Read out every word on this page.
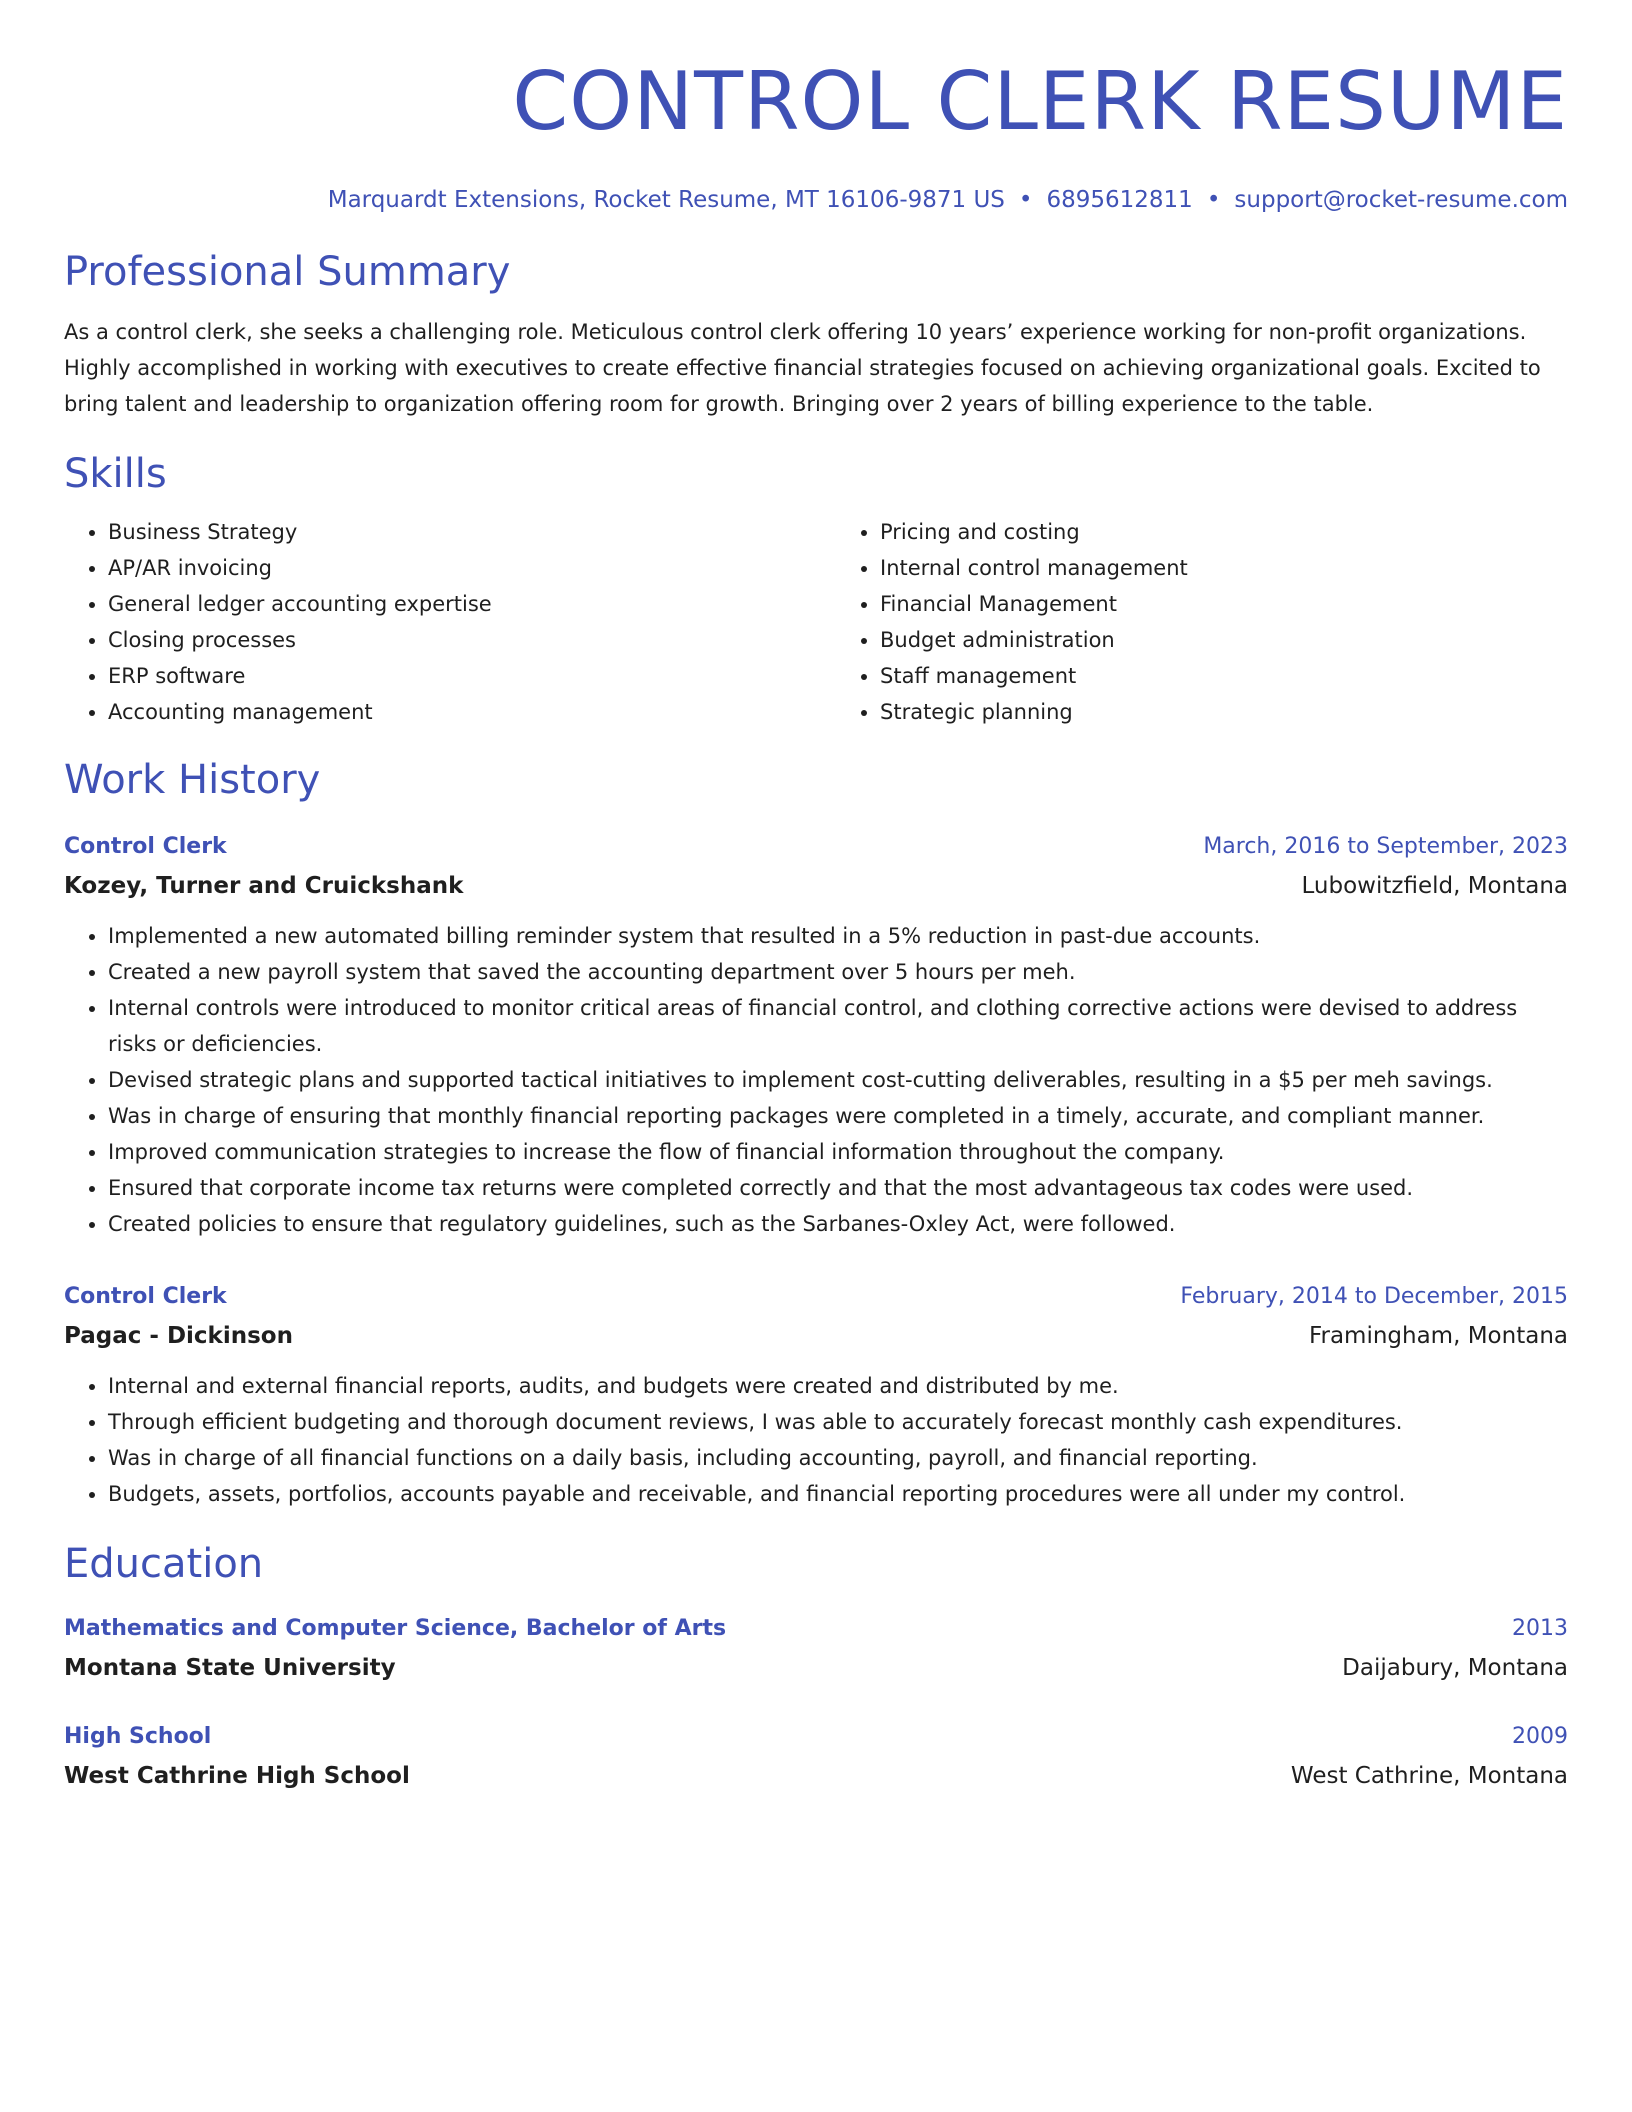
CONTROL CLERK RESUME
Marquardt Extensions, Rocket Resume, MT 16106-9871 US • 6895612811 • support@rocket-resume.com
Professional Summary

As a control clerk, she seeks a challenging role. Meticulous control clerk offering 10 years’ experience working for non-profit organizations. Highly accomplished in working with executives to create effective financial strategies focused on achieving organizational goals. Excited to bring talent and leadership to organization offering room for growth. Bringing over 2 years of billing experience to the table.

Skills
• Business Strategy
• AP/AR invoicing
• General ledger accounting expertise
• Closing processes
• ERP software
• Accounting management
• Pricing and costing
• Internal control management
• Financial Management
• Budget administration
• Staff management
• Strategic planning
Work History
Control Clerk	March, 2016 to September, 2023
Kozey, Turner and Cruickshank	Lubowitzfield, Montana
• Implemented a new automated billing reminder system that resulted in a 5% reduction in past-due accounts.
• Created a new payroll system that saved the accounting department over 5 hours per meh.
• Internal controls were introduced to monitor critical areas of financial control, and clothing corrective actions were devised to address risks or deficiencies.
• Devised strategic plans and supported tactical initiatives to implement cost-cutting deliverables, resulting in a $5 per meh savings.
• Was in charge of ensuring that monthly financial reporting packages were completed in a timely, accurate, and compliant manner.
• Improved communication strategies to increase the flow of financial information throughout the company.
• Ensured that corporate income tax returns were completed correctly and that the most advantageous tax codes were used.
• Created policies to ensure that regulatory guidelines, such as the Sarbanes-Oxley Act, were followed.
Control Clerk	February, 2014 to December, 2015
Pagac - Dickinson	Framingham, Montana
• Internal and external financial reports, audits, and budgets were created and distributed by me.
• Through efficient budgeting and thorough document reviews, I was able to accurately forecast monthly cash expenditures.
• Was in charge of all financial functions on a daily basis, including accounting, payroll, and financial reporting.
• Budgets, assets, portfolios, accounts payable and receivable, and financial reporting procedures were all under my control.
Education
Mathematics and Computer Science, Bachelor of Arts	2013
Montana State University	Daijabury, Montana
High School	2009
West Cathrine High School	West Cathrine, Montana
